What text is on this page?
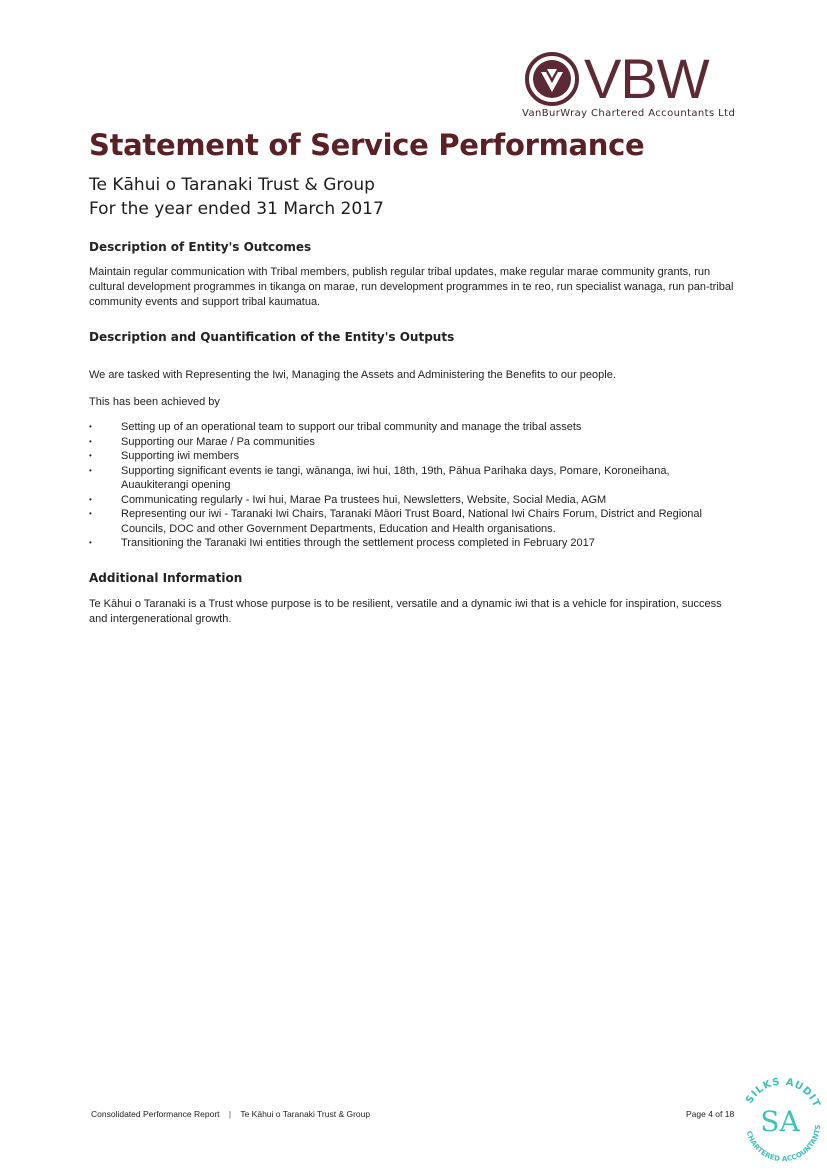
VBW
VanBurWray Chartered Accountants Ltd
Statement of Service Performance
Te Kāhui o Taranaki Trust & Group
For the year ended 31 March 2017
Description of Entity's Outcomes
Maintain regular communication with Tribal members, publish regular tribal updates, make regular marae community grants, run cultural development programmes in tikanga on marae, run development programmes in te reo, run specialist wanaga, run pan-tribal community events and support tribal kaumatua.
Description and Quantification of the Entity's Outputs
We are tasked with Representing the Iwi, Managing the Assets and Administering the Benefits to our people.
This has been achieved by
• Setting up of an operational team to support our tribal community and manage the tribal assets
• Supporting our Marae / Pa communities
• Supporting iwi members
• Supporting significant events ie tangi, wānanga, iwi hui, 18th, 19th, Pāhua Parihaka days, Pomare, Koroneihana, Auaukiterangi opening
• Communicating regularly - Iwi hui, Marae Pa trustees hui, Newsletters, Website, Social Media, AGM
• Representing our iwi - Taranaki Iwi Chairs, Taranaki Māori Trust Board, National Iwi Chairs Forum, District and Regional Councils, DOC and other Government Departments, Education and Health organisations.
• Transitioning the Taranaki Iwi entities through the settlement process completed in February 2017
Additional Information
Te Kāhui o Taranaki is a Trust whose purpose is to be resilient, versatile and a dynamic iwi that is a vehicle for inspiration, success and intergenerational growth.
Consolidated Performance Report | Te Kāhui o Taranaki Trust & Group	Page 4 of 18
SILKS AUDIT
CHARTERED ACCOUNTANTS
SA
